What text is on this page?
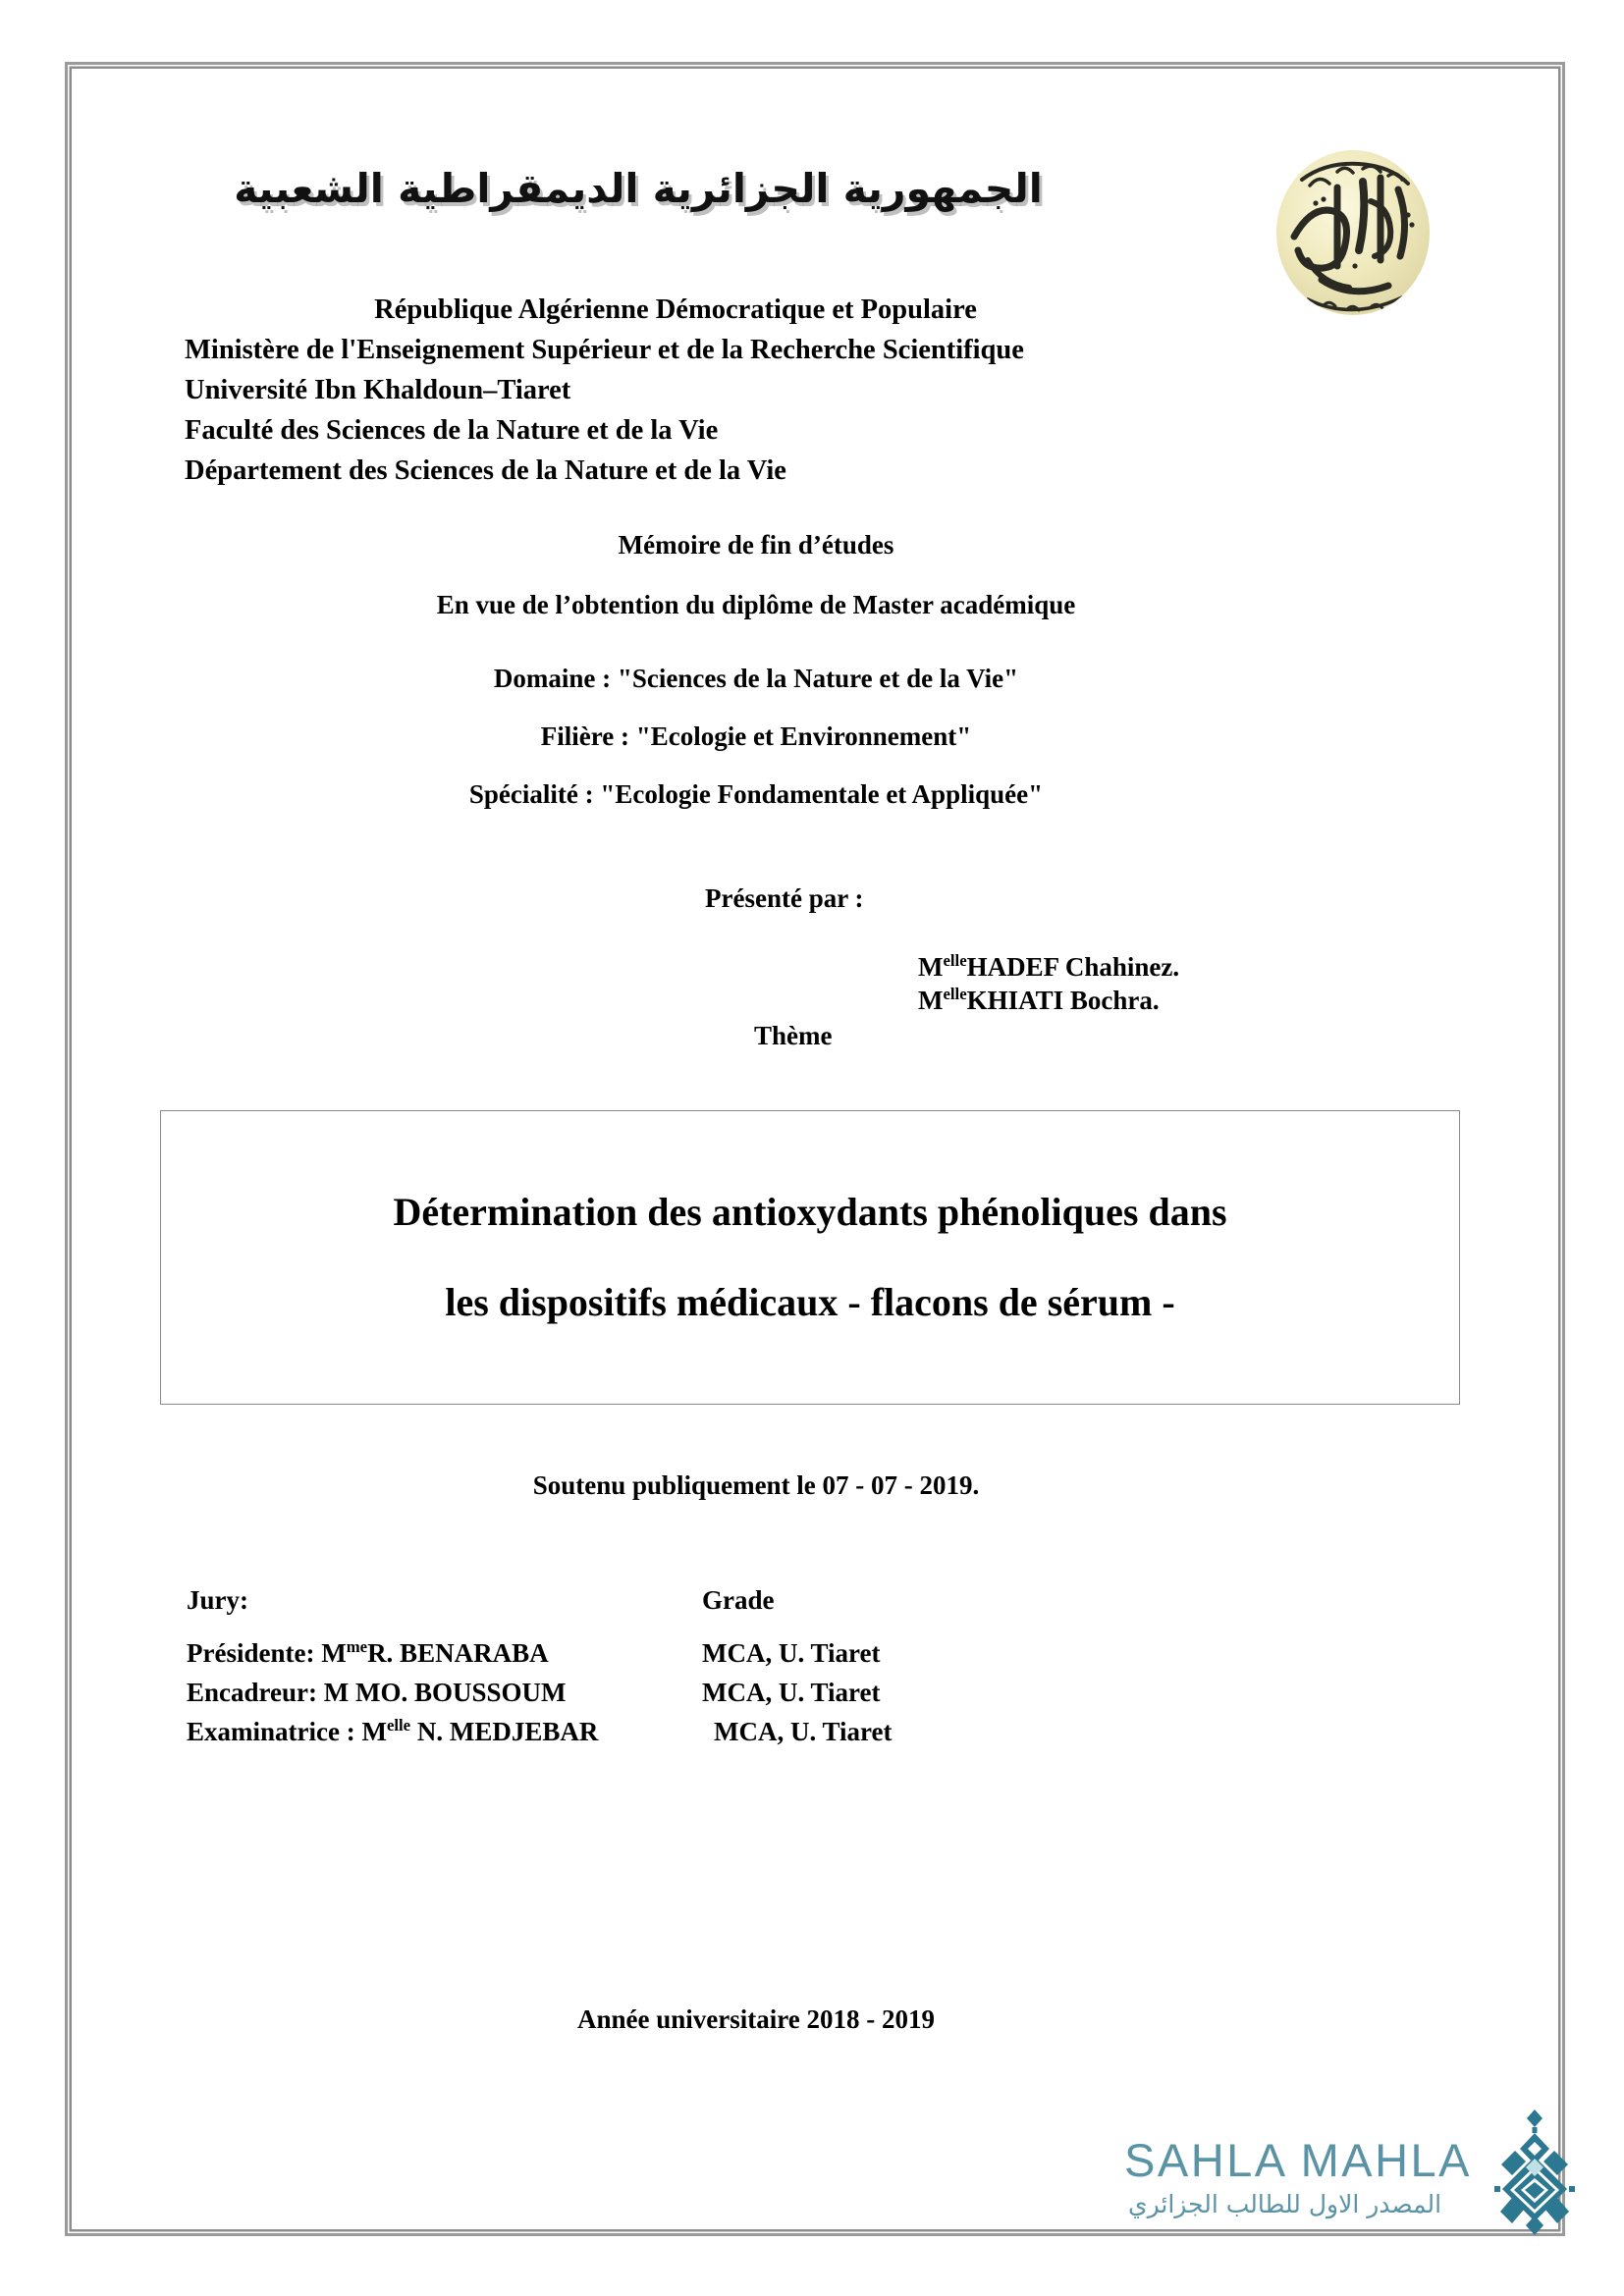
الجمهورية الجزائرية الديمقراطية الشعبية
République Algérienne Démocratique et Populaire
Ministère de l'Enseignement Supérieur et de la Recherche Scientifique
Université Ibn Khaldoun–Tiaret
Faculté des Sciences de la Nature et de la Vie
Département des Sciences de la Nature et de la Vie
Mémoire de fin d’études
En vue de l’obtention du diplôme de Master académique
Domaine : "Sciences de la Nature et de la Vie"
Filière : "Ecologie et Environnement"
Spécialité : "Ecologie Fondamentale et Appliquée"
Présenté par :
$M^{elle}HADEF$ Chahinez.
$M^{elle}KHIATI$ Bochra.
Thème
Détermination des antioxydants phénoliques dans
les dispositifs médicaux - flacons de sérum -
Soutenu publiquement le 07 - 07 - 2019.
Jury:	Grade
Présidente: $M^{me}R$. BENARABA	MCA, U. Tiaret
Encadreur: M MO. BOUSSOUM	MCA, U. Tiaret
Examinatrice : $M^{elle}$ N. MEDJEBAR	MCA, U. Tiaret
Année universitaire 2018 - 2019
SAHLA MAHLA
المصدر الاول للطالب الجزائري
